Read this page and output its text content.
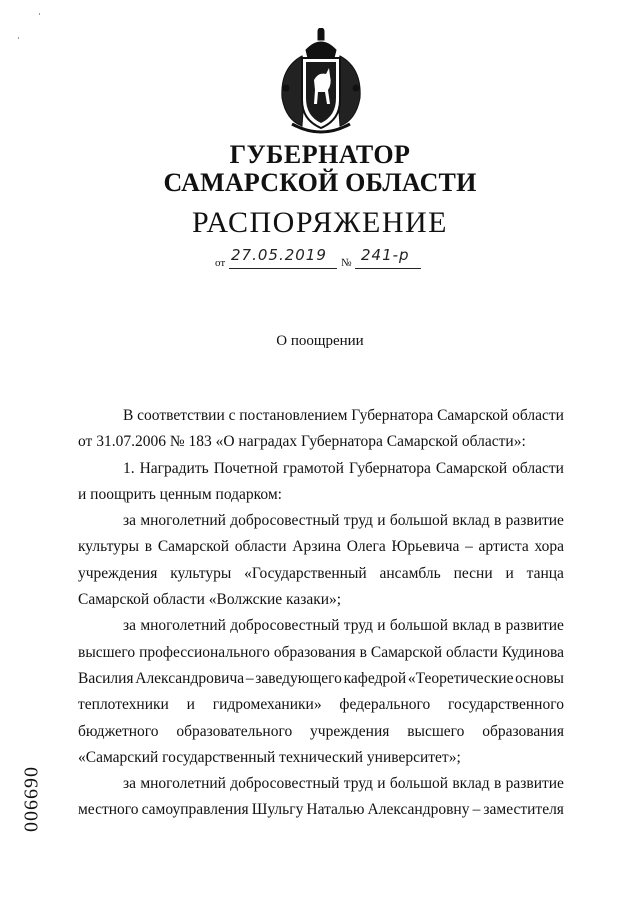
ГУБЕРНАТОР
САМАРСКОЙ ОБЛАСТИ
РАСПОРЯЖЕНИЕ
от 27.05.2019 № 241-р
О поощрении
В соответствии с постановлением Губернатора Самарской области
от 31.07.2006 № 183 «О наградах Губернатора Самарской области»:
1. Наградить Почетной грамотой Губернатора Самарской области
и поощрить ценным подарком:
за многолетний добросовестный труд и большой вклад в развитие
культуры в Самарской области Арзина Олега Юрьевича – артиста хора
учреждения культуры «Государственный ансамбль песни и танца
Самарской области «Волжские казаки»;
за многолетний добросовестный труд и большой вклад в развитие
высшего профессионального образования в Самарской области Кудинова
Василия Александровича – заведующего кафедрой «Теоретические основы
теплотехники и гидромеханики» федерального государственного
бюджетного образовательного учреждения высшего образования
«Самарский государственный технический университет»;
за многолетний добросовестный труд и большой вклад в развитие
местного самоуправления Шульгу Наталью Александровну – заместителя
006690
·
·
